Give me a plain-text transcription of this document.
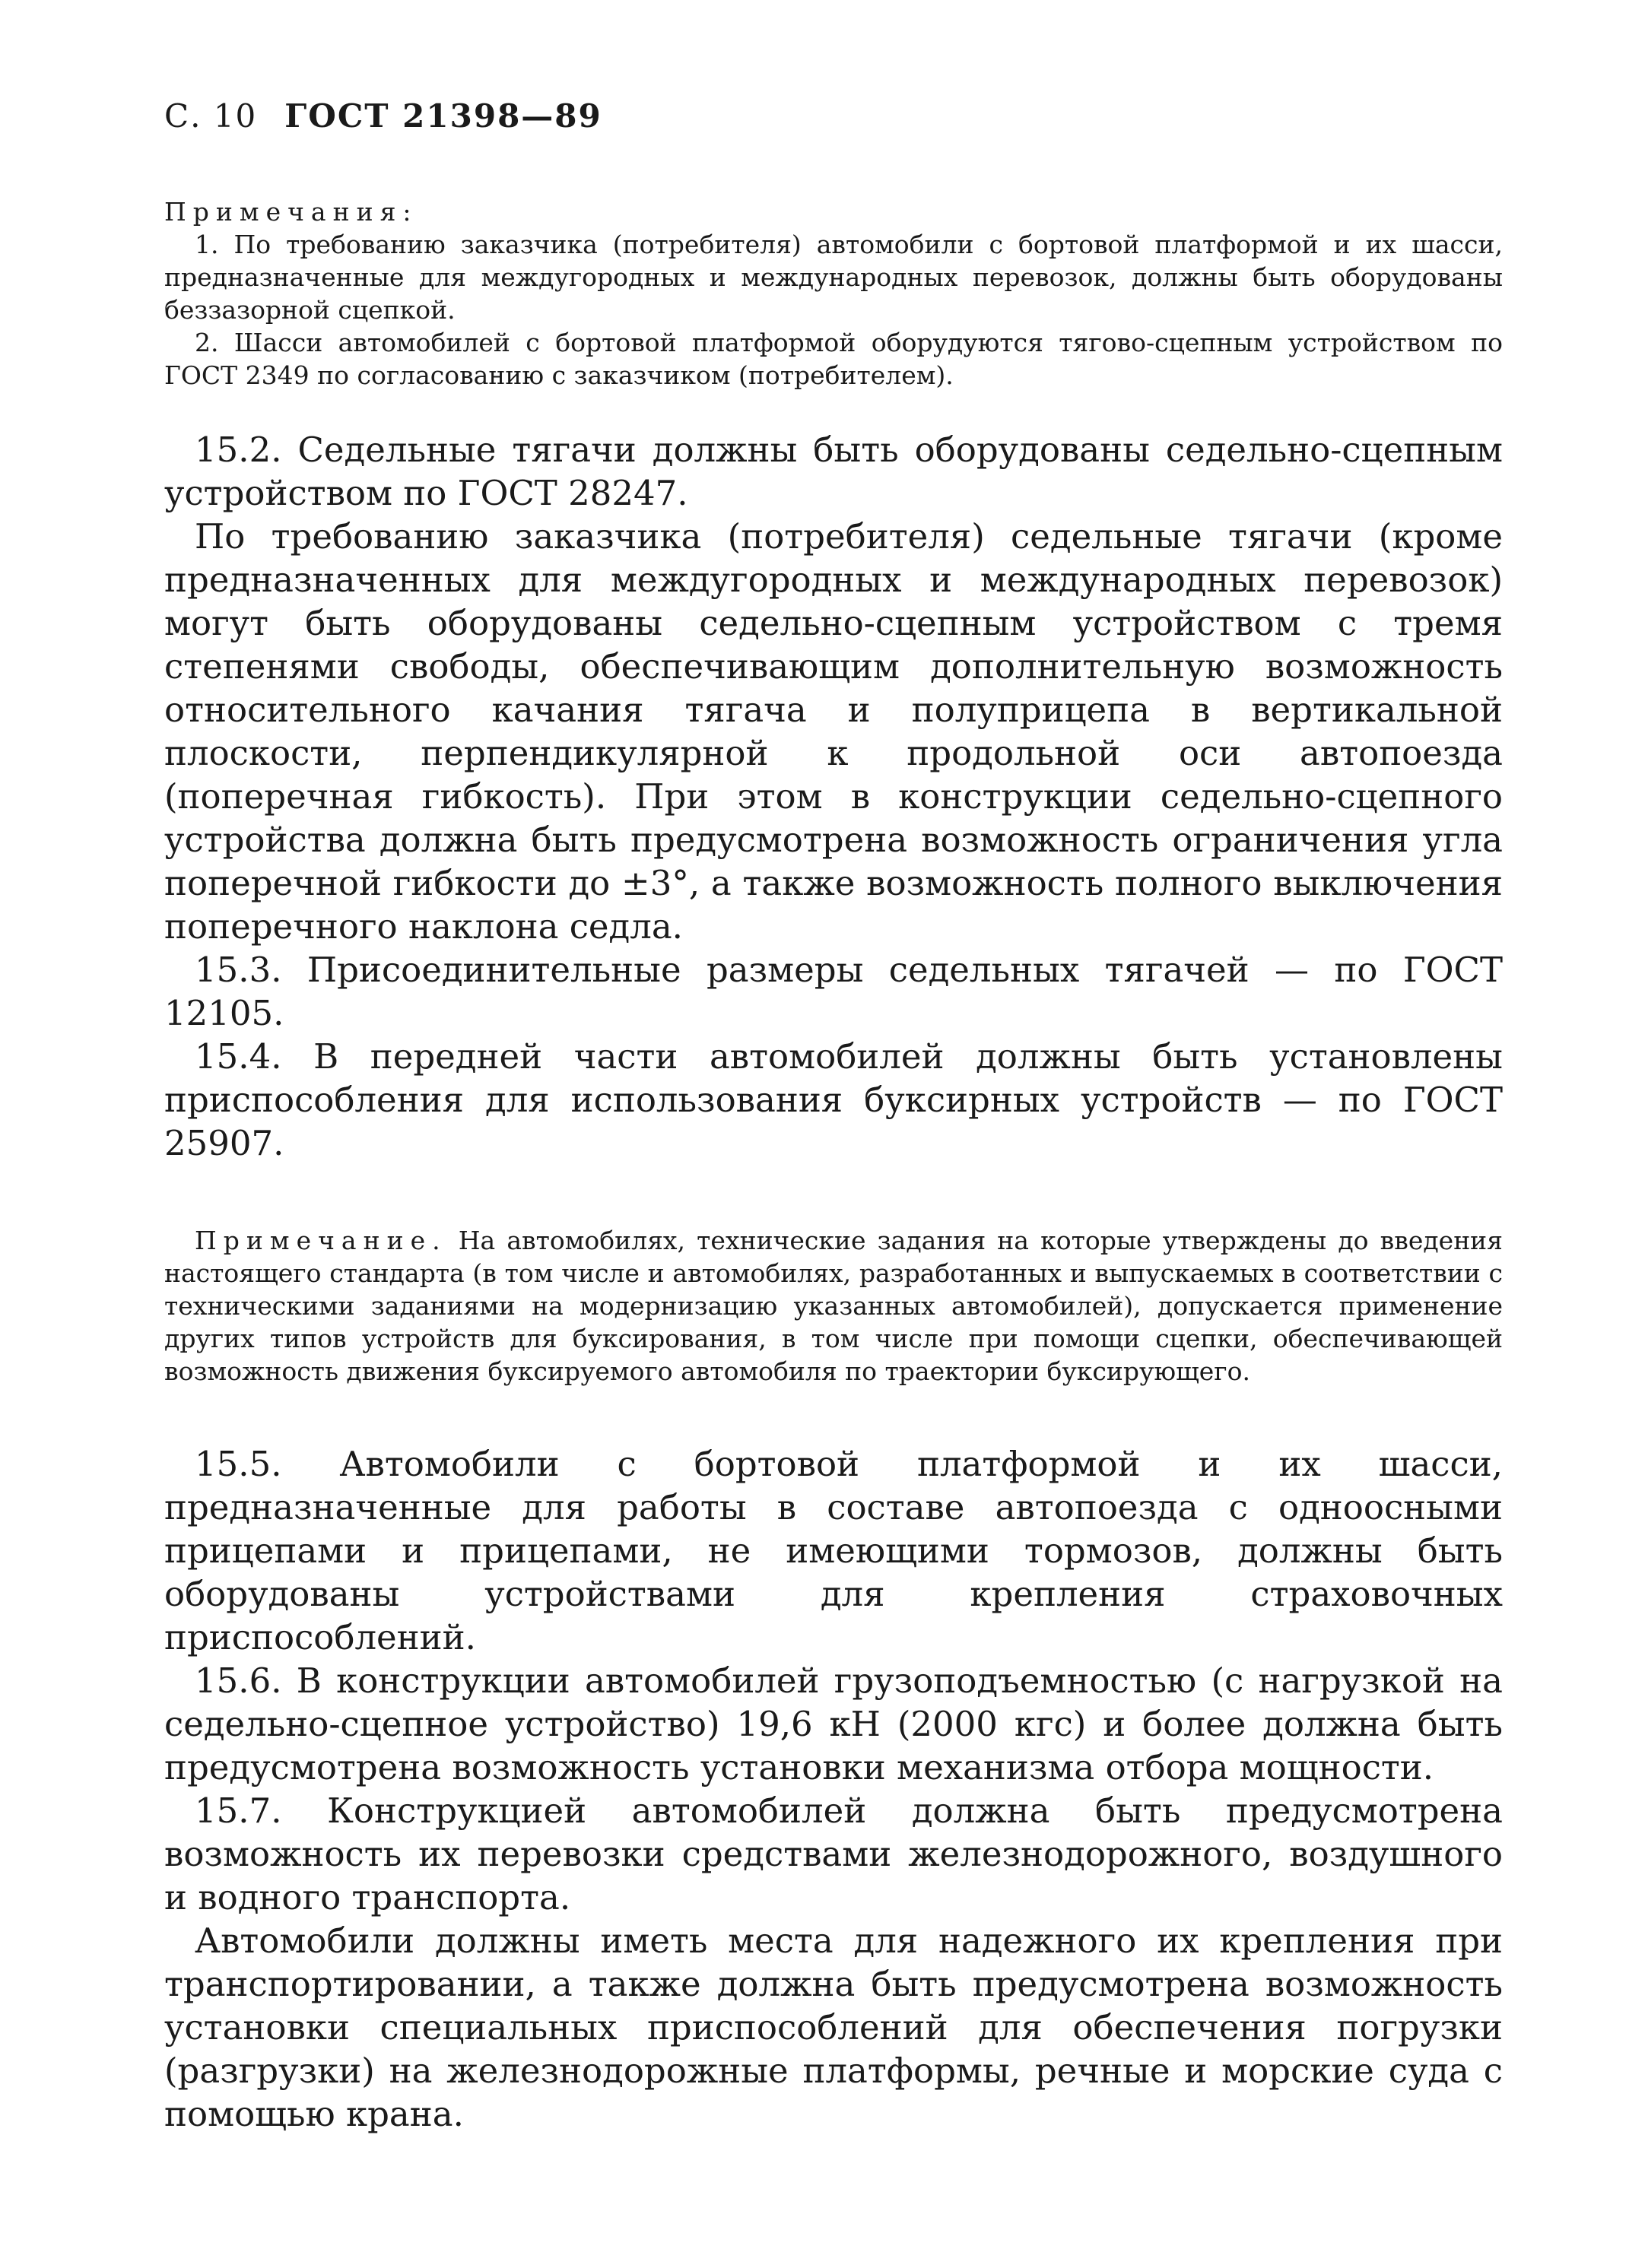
С. 10 ГОСТ 21398—89
Примечания:

1. По требованию заказчика (потребителя) автомобили с бортовой платформой и их шасси, предназначенные для междугородных и международных перевозок, должны быть оборудованы беззазорной сцепкой.

2. Шасси автомобилей с бортовой платформой оборудуются тягово-сцепным устройством по ГОСТ 2349 по согласованию с заказчиком (потребителем).

15.2. Седельные тягачи должны быть оборудованы седельно-сцепным устройством по ГОСТ 28247.

По требованию заказчика (потребителя) седельные тягачи (кроме предназначенных для междугородных и международных перевозок) могут быть оборудованы седельно-сцепным устройством с тремя степенями свободы, обеспечивающим дополнительную возможность относительного качания тягача и полуприцепа в вертикальной плоскости, перпендикулярной к продольной оси автопоезда (поперечная гибкость). При этом в конструкции седельно-сцепного устройства должна быть предусмотрена возможность ограничения угла поперечной гибкости до ±3°, а также возможность полного выключения поперечного наклона седла.

15.3. Присоединительные размеры седельных тягачей — по ГОСТ 12105.

15.4. В передней части автомобилей должны быть установлены приспособления для использования буксирных устройств — по ГОСТ 25907.

Примечание. На автомобилях, технические задания на которые утверждены до введения настоящего стандарта (в том числе и автомобилях, разработанных и выпускаемых в соответствии с техническими заданиями на модернизацию указанных автомобилей), допускается применение других типов устройств для буксирования, в том числе при помощи сцепки, обеспечивающей возможность движения буксируемого автомобиля по траектории буксирующего.

15.5. Автомобили с бортовой платформой и их шасси, предназначенные для работы в составе автопоезда с одноосными прицепами и прицепами, не имеющими тормозов, должны быть оборудованы устройствами для крепления страховочных приспособлений.

15.6. В конструкции автомобилей грузоподъемностью (с нагрузкой на седельно-сцепное устройство) 19,6 кН (2000 кгс) и более должна быть предусмотрена возможность установки механизма отбора мощности.

15.7. Конструкцией автомобилей должна быть предусмотрена возможность их перевозки средствами железнодорожного, воздушного и водного транспорта.

Автомобили должны иметь места для надежного их крепления при транспортировании, а также должна быть предусмотрена возможность установки специальных приспособлений для обеспечения погрузки (разгрузки) на железнодорожные платформы, речные и морские суда с помощью крана.
